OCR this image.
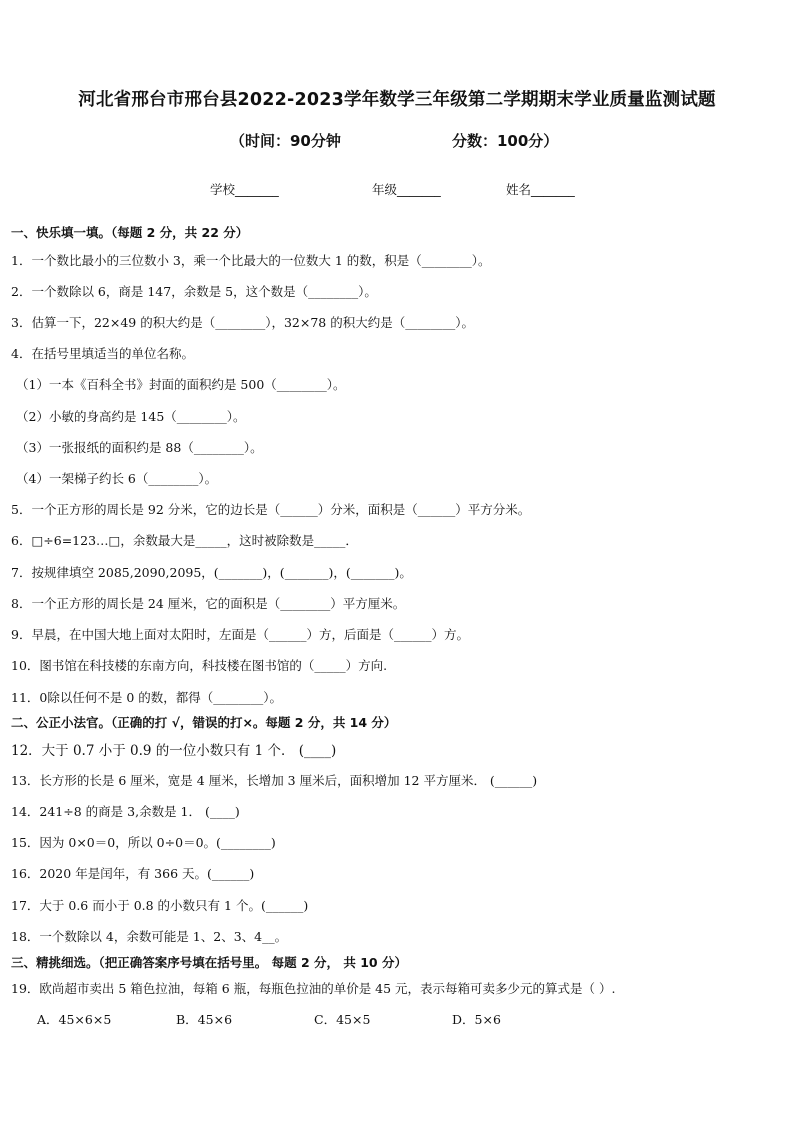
河北省邢台市邢台县2022-2023学年数学三年级第二学期期末学业质量监测试题
（时间：90分钟	分数：100分）
学校_______	年级_______	姓名_______
一、快乐填一填。（每题 2 分，共 22 分）
1．一个数比最小的三位数小 3，乘一个比最大的一位数大 1 的数，积是（________）。
2．一个数除以 6，商是 147，余数是 5，这个数是（________）。
3．估算一下，22×49 的积大约是（________），32×78 的积大约是（________）。
4．在括号里填适当的单位名称。
（1）一本《百科全书》封面的面积约是 500（________）。
（2）小敏的身高约是 145（________）。
（3）一张报纸的面积约是 88（________）。
（4）一架梯子约长 6（________）。
5．一个正方形的周长是 92 分米，它的边长是（______）分米，面积是（______）平方分米。
6．□÷6=123…□，余数最大是_____，这时被除数是_____．
7．按规律填空 2085,2090,2095，(_______)，(_______)，(_______)。
8．一个正方形的周长是 24 厘米，它的面积是（________）平方厘米。
9．早晨，在中国大地上面对太阳时，左面是（______）方，后面是（______）方。
10．图书馆在科技楼的东南方向，科技楼在图书馆的（_____）方向.
11．0除以任何不是 0 的数，都得（________）。
二、公正小法官。（正确的打 √，错误的打×。每题 2 分，共 14 分）
12．大于 0.7 小于 0.9 的一位小数只有 1 个． (____)
13．长方形的长是 6 厘米，宽是 4 厘米，长增加 3 厘米后，面积增加 12 平方厘米． (______)
14．241÷8 的商是 3,余数是 1． (____)
15．因为 0×0＝0，所以 0÷0＝0。(________)
16．2020 年是闰年，有 366 天。(______)
17．大于 0.6 而小于 0.8 的小数只有 1 个。(______)
18．一个数除以 4，余数可能是 1、2、3、4__。
三、精挑细选。（把正确答案序号填在括号里。 每题 2 分， 共 10 分）
19．欧尚超市卖出 5 箱色拉油，每箱 6 瓶，每瓶色拉油的单价是 45 元，表示每箱可卖多少元的算式是（ ）.
A．45×6×5	B．45×6	C．45×5	D．5×6
